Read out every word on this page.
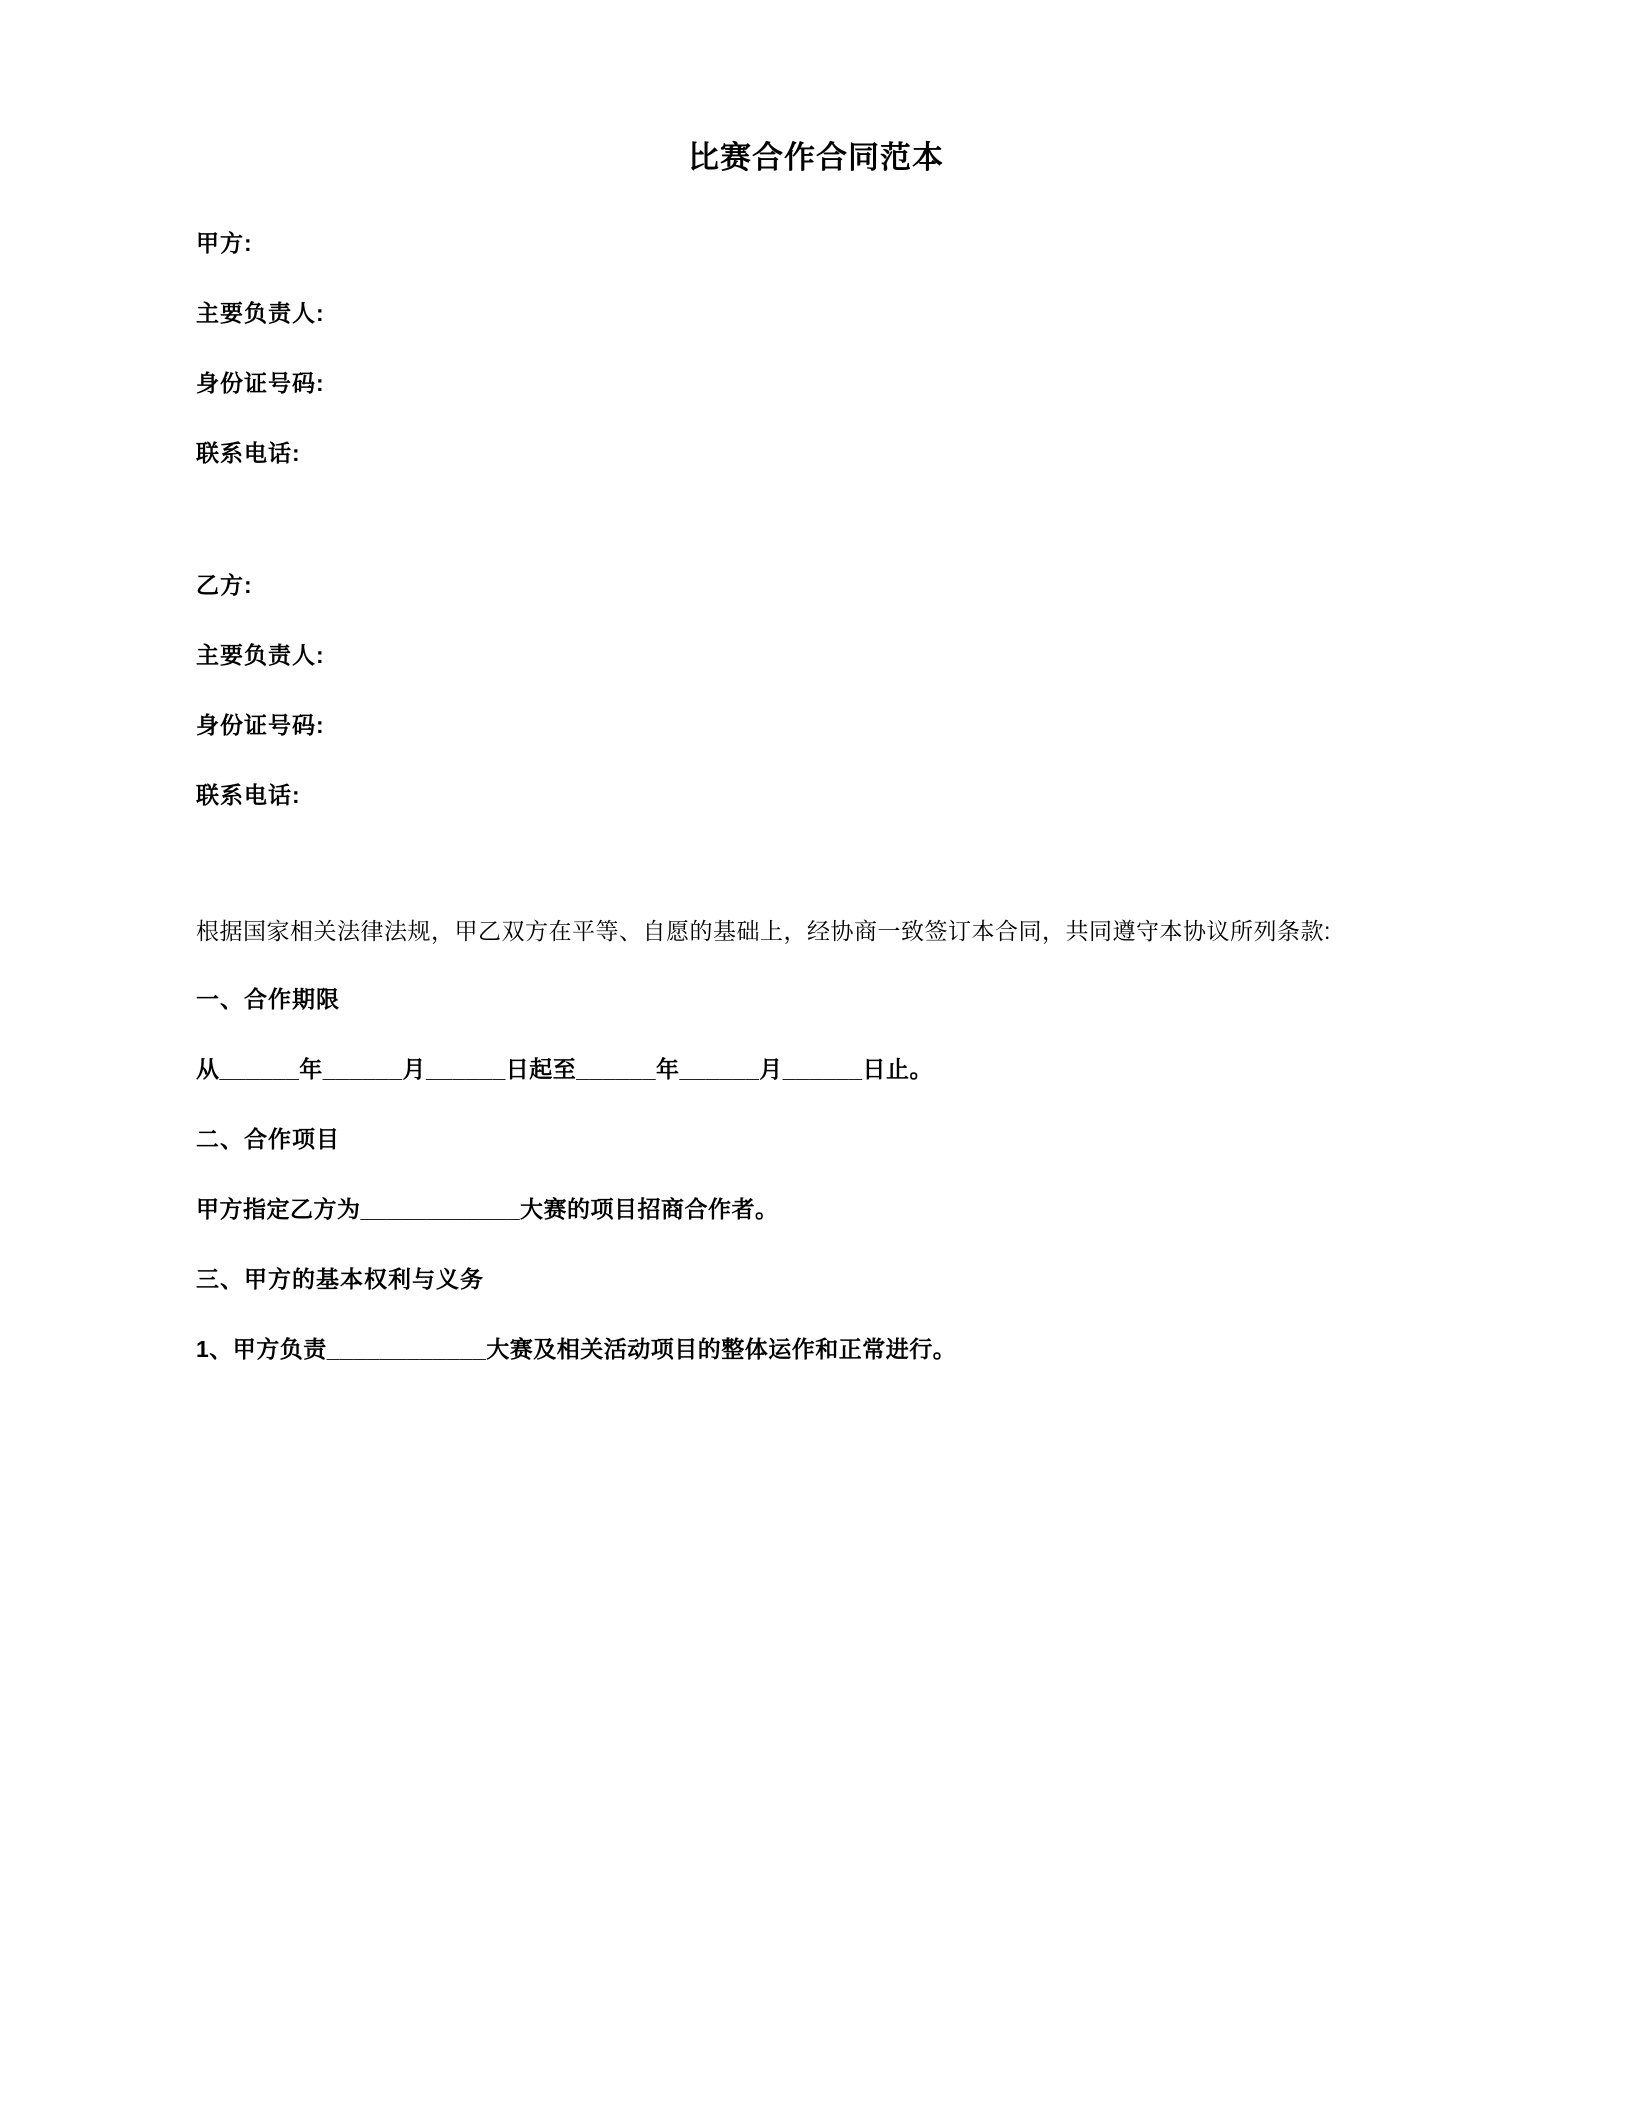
比赛合作合同范本

甲方:

主要负责人:

身份证号码:

联系电话:

乙方:

主要负责人:

身份证号码:

联系电话:

根据国家相关法律法规，甲乙双方在平等、自愿的基础上，经协商一致签订本合同，共同遵守本协议所列条款:

一、合作期限

从______年______月______日起至______年______月______日止。

二、合作项目

甲方指定乙方为____________大赛的项目招商合作者。

三、甲方的基本权利与义务

1、甲方负责____________大赛及相关活动项目的整体运作和正常进行。
